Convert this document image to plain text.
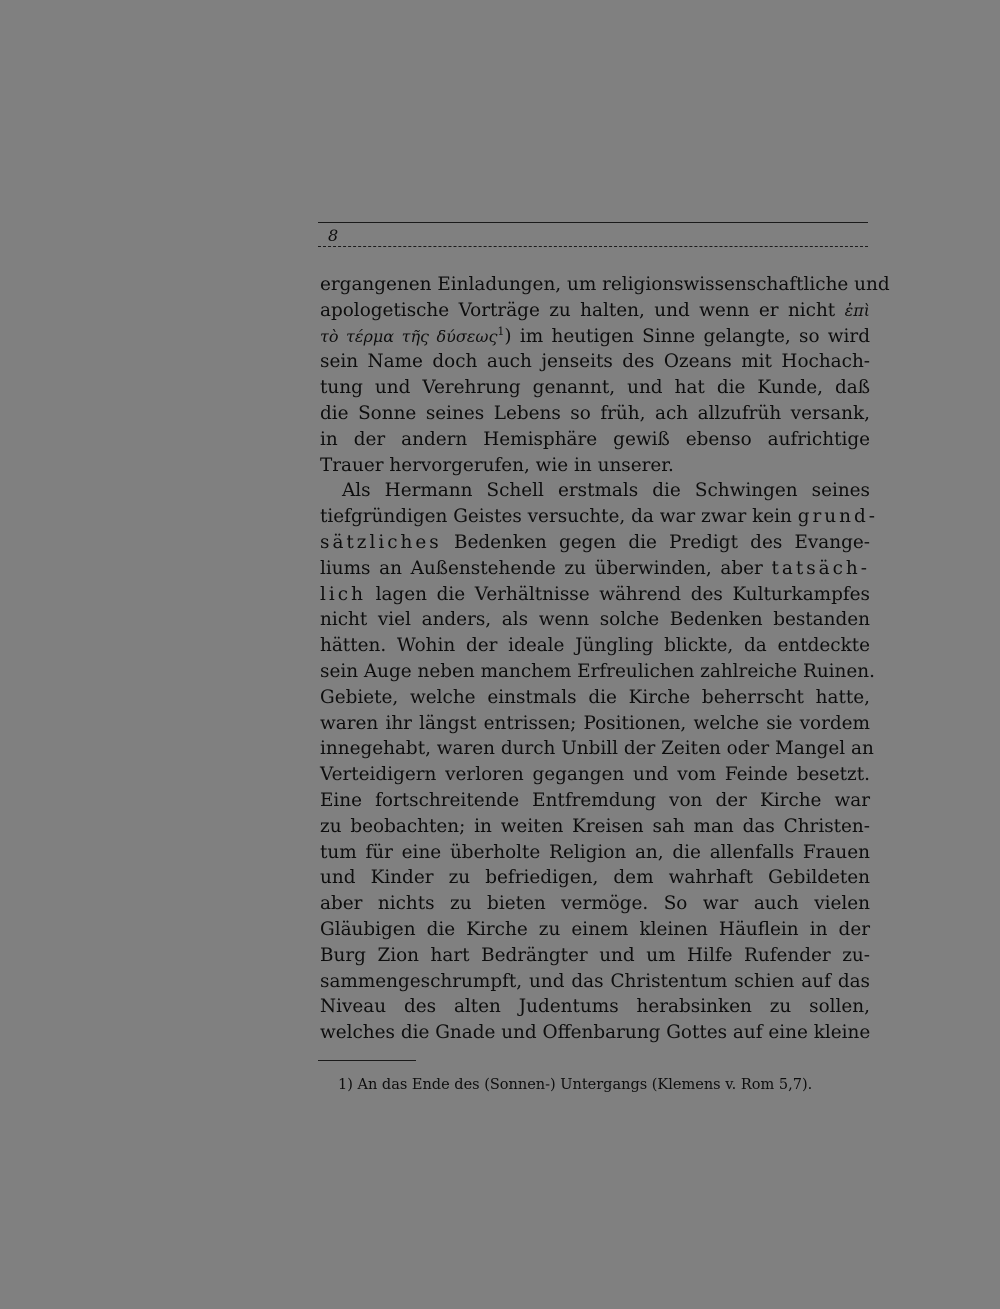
8
ergangenen Einladungen, um religionswissenschaftliche und
apologetische Vorträge zu halten, und wenn er nicht ἐπὶ
τὸ τέρμα τῆς δύσεως$^1$) im heutigen Sinne gelangte, so wird
sein Name doch auch jenseits des Ozeans mit Hochach-
tung und Verehrung genannt, und hat die Kunde, daß
die Sonne seines Lebens so früh, ach allzufrüh versank,
in der andern Hemisphäre gewiß ebenso aufrichtige
Trauer hervorgerufen, wie in unserer.
Als Hermann Schell erstmals die Schwingen seines
tiefgründigen Geistes versuchte, da war zwar kein grund-
sätzliches Bedenken gegen die Predigt des Evange-
liums an Außenstehende zu überwinden, aber tatsäch-
lich lagen die Verhältnisse während des Kulturkampfes
nicht viel anders, als wenn solche Bedenken bestanden
hätten. Wohin der ideale Jüngling blickte, da entdeckte
sein Auge neben manchem Erfreulichen zahlreiche Ruinen.
Gebiete, welche einstmals die Kirche beherrscht hatte,
waren ihr längst entrissen; Positionen, welche sie vordem
innegehabt, waren durch Unbill der Zeiten oder Mangel an
Verteidigern verloren gegangen und vom Feinde besetzt.
Eine fortschreitende Entfremdung von der Kirche war
zu beobachten; in weiten Kreisen sah man das Christen-
tum für eine überholte Religion an, die allenfalls Frauen
und Kinder zu befriedigen, dem wahrhaft Gebildeten
aber nichts zu bieten vermöge. So war auch vielen
Gläubigen die Kirche zu einem kleinen Häuflein in der
Burg Zion hart Bedrängter und um Hilfe Rufender zu-
sammengeschrumpft, und das Christentum schien auf das
Niveau des alten Judentums herabsinken zu sollen,
welches die Gnade und Offenbarung Gottes auf eine kleine
1) An das Ende des (Sonnen-) Untergangs (Klemens v. Rom 5,7).
